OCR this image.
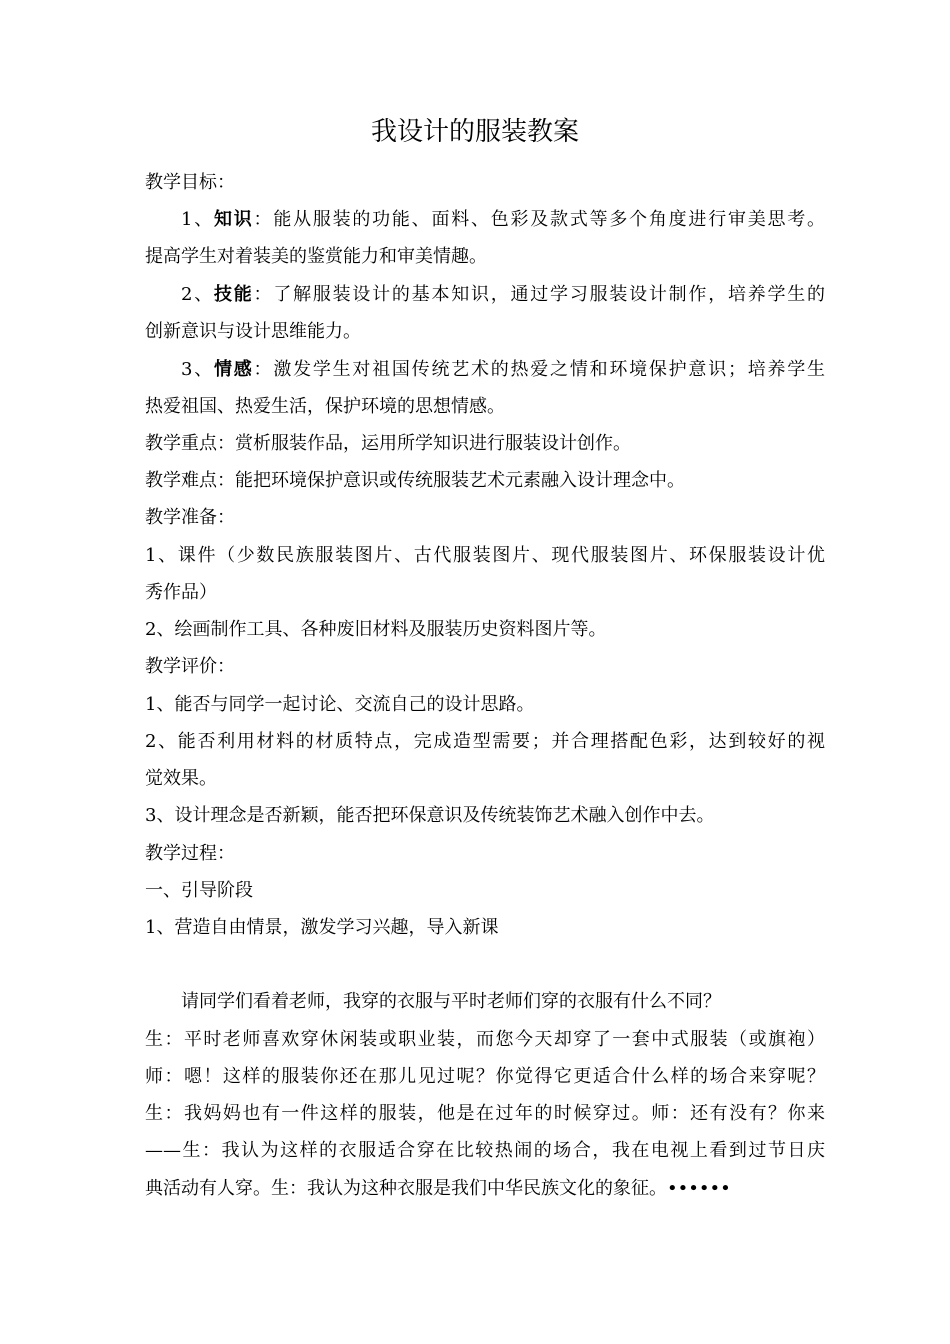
我设计的服装教案

教学目标：

1、知识：能从服装的功能、面料、色彩及款式等多个角度进行审美思考。

提高学生对着装美的鉴赏能力和审美情趣。

2、技能：了解服装设计的基本知识，通过学习服装设计制作，培养学生的

创新意识与设计思维能力。

3、情感：激发学生对祖国传统艺术的热爱之情和环境保护意识；培养学生

热爱祖国、热爱生活，保护环境的思想情感。

教学重点：赏析服装作品，运用所学知识进行服装设计创作。

教学难点：能把环境保护意识或传统服装艺术元素融入设计理念中。

教学准备：

1、课件（少数民族服装图片、古代服装图片、现代服装图片、环保服装设计优

秀作品）

2、绘画制作工具、各种废旧材料及服装历史资料图片等。

教学评价：

1、能否与同学一起讨论、交流自己的设计思路。

2、能否利用材料的材质特点，完成造型需要；并合理搭配色彩，达到较好的视

觉效果。

3、设计理念是否新颖，能否把环保意识及传统装饰艺术融入创作中去。

教学过程：

一、引导阶段

1、营造自由情景，激发学习兴趣，导入新课

请同学们看着老师，我穿的衣服与平时老师们穿的衣服有什么不同？

生：平时老师喜欢穿休闲装或职业装，而您今天却穿了一套中式服装（或旗袍）

师：嗯！这样的服装你还在那儿见过呢？你觉得它更适合什么样的场合来穿呢？

生：我妈妈也有一件这样的服装，他是在过年的时候穿过。师：还有没有？你来

——生：我认为这样的衣服适合穿在比较热闹的场合，我在电视上看到过节日庆

典活动有人穿。生：我认为这种衣服是我们中华民族文化的象征。••••••
